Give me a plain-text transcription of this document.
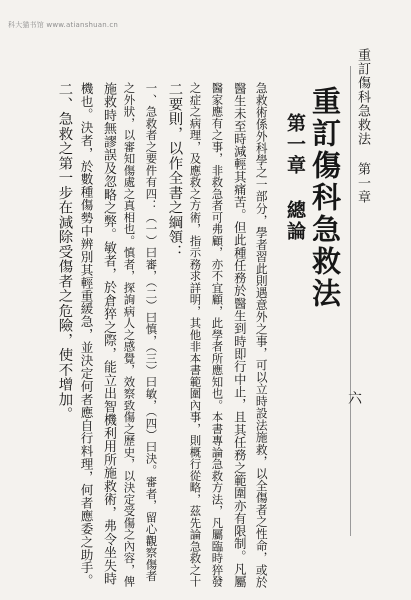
科大猫书馆 www.atianshuan.cn
重訂傷科急救法 第一章
六
重訂傷科急救法
第一章 總論
急救術係外科學之一部分，學者習此則遇意外之事，可以立時設法施救，以全傷者之性命，或於
醫生未至時減輕其痛苦。但此種任務於醫生到時即行中止，且其任務之範圍亦有限制。凡屬
醫家應有之事，非救急者可弗顧，亦不宜顧，此學者所應知也。本書專論急救方法，凡屬臨時猝發
之症之病理，及應救之方術，指示務求詳明，其他非本書範圍內事，則概行從略，茲先論急救之十
二要則，以作全書之綱領：
一、急救者之要件有四：（一）曰審，（二）曰慎，（三）曰敏，（四）曰決。審者，留心觀察傷者
之外狀，以審知傷處之真相也。慎者，探詢病人之感覺，效察致傷之歷史，以決定受傷之內容，俾
施救時無謬誤及忽略之弊。敏者，於倉猝之際，能立出智機利用所施救術，弗令坐失時
機也。決者，於數種傷勢中辨別其輕重緩急，並決定何者應自行料理，何者應委之助手。
二、急救之第一步在減除受傷者之危險，使不增加。
